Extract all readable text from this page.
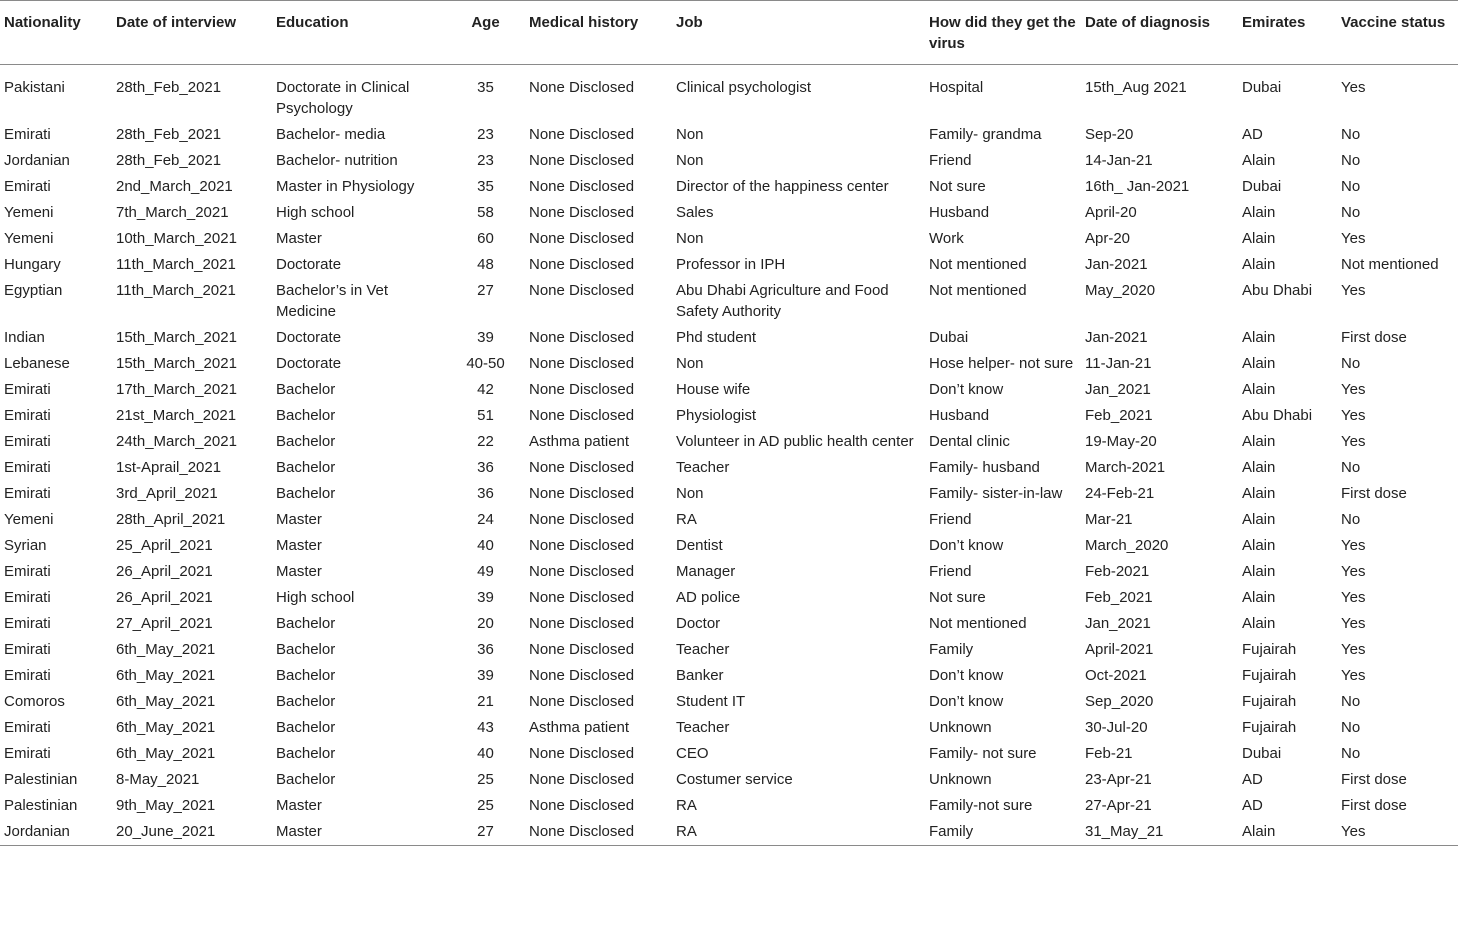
Nationality	Date of interview	Education	Age	Medical history	Job	How did they get the virus	Date of diagnosis	Emirates	Vaccine status
Pakistani	28th_Feb_2021	Doctorate in Clinical Psychology	35	None Disclosed	Clinical psychologist	Hospital	15th_Aug 2021	Dubai	Yes
Emirati	28th_Feb_2021	Bachelor- media	23	None Disclosed	Non	Family- grandma	Sep-20	AD	No
Jordanian	28th_Feb_2021	Bachelor- nutrition	23	None Disclosed	Non	Friend	14-Jan-21	Alain	No
Emirati	2nd_March_2021	Master in Physiology	35	None Disclosed	Director of the happiness center	Not sure	16th_ Jan-2021	Dubai	No
Yemeni	7th_March_2021	High school	58	None Disclosed	Sales	Husband	April-20	Alain	No
Yemeni	10th_March_2021	Master	60	None Disclosed	Non	Work	Apr-20	Alain	Yes
Hungary	11th_March_2021	Doctorate	48	None Disclosed	Professor in IPH	Not mentioned	Jan-2021	Alain	Not mentioned
Egyptian	11th_March_2021	Bachelor’s in Vet Medicine	27	None Disclosed	Abu Dhabi Agriculture and Food Safety Authority	Not mentioned	May_2020	Abu Dhabi	Yes
Indian	15th_March_2021	Doctorate	39	None Disclosed	Phd student	Dubai	Jan-2021	Alain	First dose
Lebanese	15th_March_2021	Doctorate	40-50	None Disclosed	Non	Hose helper- not sure	11-Jan-21	Alain	No
Emirati	17th_March_2021	Bachelor	42	None Disclosed	House wife	Don’t know	Jan_2021	Alain	Yes
Emirati	21st_March_2021	Bachelor	51	None Disclosed	Physiologist	Husband	Feb_2021	Abu Dhabi	Yes
Emirati	24th_March_2021	Bachelor	22	Asthma patient	Volunteer in AD public health center	Dental clinic	19-May-20	Alain	Yes
Emirati	1st-Aprail_2021	Bachelor	36	None Disclosed	Teacher	Family- husband	March-2021	Alain	No
Emirati	3rd_April_2021	Bachelor	36	None Disclosed	Non	Family- sister-in-law	24-Feb-21	Alain	First dose
Yemeni	28th_April_2021	Master	24	None Disclosed	RA	Friend	Mar-21	Alain	No
Syrian	25_April_2021	Master	40	None Disclosed	Dentist	Don’t know	March_2020	Alain	Yes
Emirati	26_April_2021	Master	49	None Disclosed	Manager	Friend	Feb-2021	Alain	Yes
Emirati	26_April_2021	High school	39	None Disclosed	AD police	Not sure	Feb_2021	Alain	Yes
Emirati	27_April_2021	Bachelor	20	None Disclosed	Doctor	Not mentioned	Jan_2021	Alain	Yes
Emirati	6th_May_2021	Bachelor	36	None Disclosed	Teacher	Family	April-2021	Fujairah	Yes
Emirati	6th_May_2021	Bachelor	39	None Disclosed	Banker	Don’t know	Oct-2021	Fujairah	Yes
Comoros	6th_May_2021	Bachelor	21	None Disclosed	Student IT	Don’t know	Sep_2020	Fujairah	No
Emirati	6th_May_2021	Bachelor	43	Asthma patient	Teacher	Unknown	30-Jul-20	Fujairah	No
Emirati	6th_May_2021	Bachelor	40	None Disclosed	CEO	Family- not sure	Feb-21	Dubai	No
Palestinian	8-May_2021	Bachelor	25	None Disclosed	Costumer service	Unknown	23-Apr-21	AD	First dose
Palestinian	9th_May_2021	Master	25	None Disclosed	RA	Family-not sure	27-Apr-21	AD	First dose
Jordanian	20_June_2021	Master	27	None Disclosed	RA	Family	31_May_21	Alain	Yes
